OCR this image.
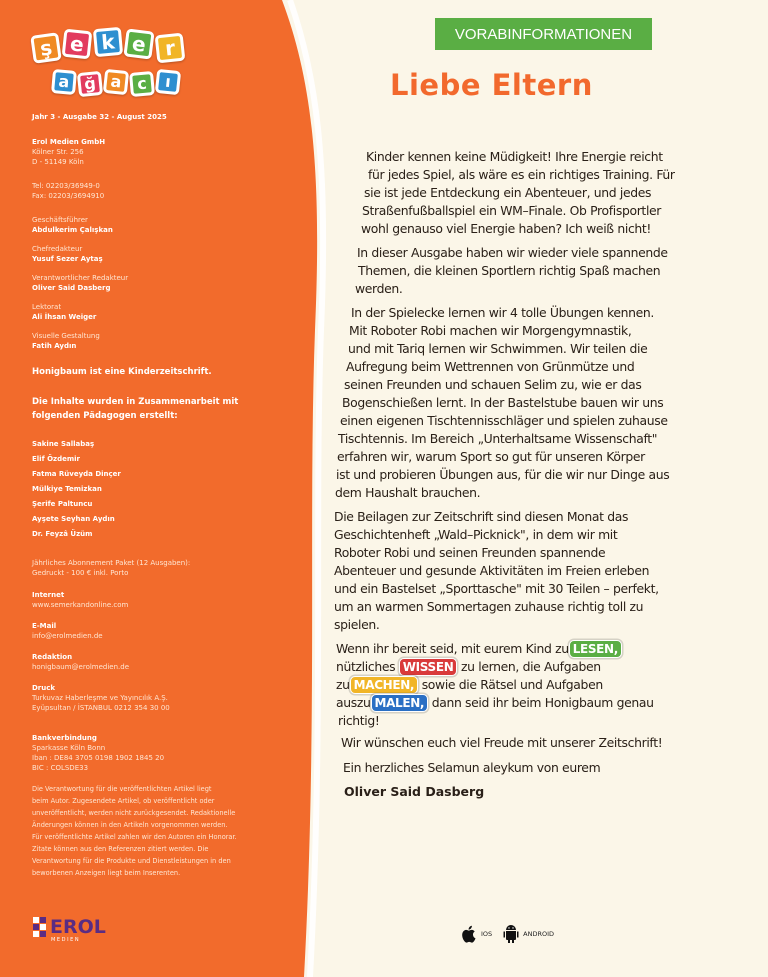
ş e k e r
a ğ a c	ı
Jahr 3 - Ausgabe 32 - August 2025
Erol Medien GmbH
Kölner Str. 256
D - 51149 Köln
Tel: 02203/36949-0
Fax: 02203/3694910
Geschäftsführer
Abdulkerim Çalışkan
Chefredakteur
Yusuf Sezer Aytaş
Verantwortlicher Redakteur
Oliver Said Dasberg
Lektorat
Ali İhsan Weiger
Visuelle Gestaltung
Fatih Aydın
Honigbaum ist eine Kinderzeitschrift.
Die Inhalte wurden in Zusammenarbeit mit
folgenden Pädagogen erstellt:
Sakine Sallabaş
Elif Özdemir
Fatma Rüveyda Dinçer
Mülkiye Temizkan
Şerife Paltuncu
Ayşete Seyhan Aydın
Dr. Feyzâ Üzüm
Jährliches Abonnement Paket (12 Ausgaben):
Gedruckt - 100 € inkl. Porto
Internet
www.semerkandonline.com
E-Mail
info@erolmedien.de
Redaktion
honigbaum@erolmedien.de
Druck
Turkuvaz Haberleşme ve Yayıncılık A.Ş.
Eyüpsultan / İSTANBUL 0212 354 30 00
Bankverbindung
Sparkasse Köln Bonn
Iban : DE84 3705 0198 1902 1845 20
BIC : COLSDE33
Die Verantwortung für die veröffentlichten Artikel liegt
beim Autor. Zugesendete Artikel, ob veröffentlicht oder
unveröffentlicht, werden nicht zurückgesendet. Redaktionelle
Änderungen können in den Artikeln vorgenommen werden.
Für veröffentlichte Artikel zahlen wir den Autoren ein Honorar.
Zitate können aus den Referenzen zitiert werden. Die
Verantwortung für die Produkte und Dienstleistungen in den
beworbenen Anzeigen liegt beim Inserenten.
EROL
M E D I E N
VORABINFORMATIONEN
Liebe Eltern
Kinder kennen keine Müdigkeit! Ihre Energie reicht
für jedes Spiel, als wäre es ein richtiges Training. Für
sie ist jede Entdeckung ein Abenteuer, und jedes
Straßenfußballspiel ein WM–Finale. Ob Profisportler
wohl genauso viel Energie haben? Ich weiß nicht!
In dieser Ausgabe haben wir wieder viele spannende
Themen, die kleinen Sportlern richtig Spaß machen
werden.
In der Spielecke lernen wir 4 tolle Übungen kennen.
Mit Roboter Robi machen wir Morgengymnastik,
und mit Tariq lernen wir Schwimmen. Wir teilen die
Aufregung beim Wettrennen von Grünmütze und
seinen Freunden und schauen Selim zu, wie er das
Bogenschießen lernt. In der Bastelstube bauen wir uns
einen eigenen Tischtennisschläger und spielen zuhause
Tischtennis. Im Bereich „Unterhaltsame Wissenschaft"
erfahren wir, warum Sport so gut für unseren Körper
ist und probieren Übungen aus, für die wir nur Dinge aus
dem Haushalt brauchen.
Die Beilagen zur Zeitschrift sind diesen Monat das
Geschichtenheft „Wald–Picknick", in dem wir mit
Roboter Robi und seinen Freunden spannende
Abenteuer und gesunde Aktivitäten im Freien erleben
und ein Bastelset „Sporttasche" mit 30 Teilen – perfekt,
um an warmen Sommertagen zuhause richtig toll zu
spielen.
Wenn ihr bereit seid, mit eurem Kind zu LESEN,
nützliches WISSEN zu lernen, die Aufgaben
zu MACHEN, sowie die Rätsel und Aufgaben
auszu MALEN, dann seid ihr beim Honigbaum genau
richtig!
Wir wünschen euch viel Freude mit unserer Zeitschrift!
Ein herzliches Selamun aleykum von eurem
Oliver Said Dasberg
IOS	ANDROID
